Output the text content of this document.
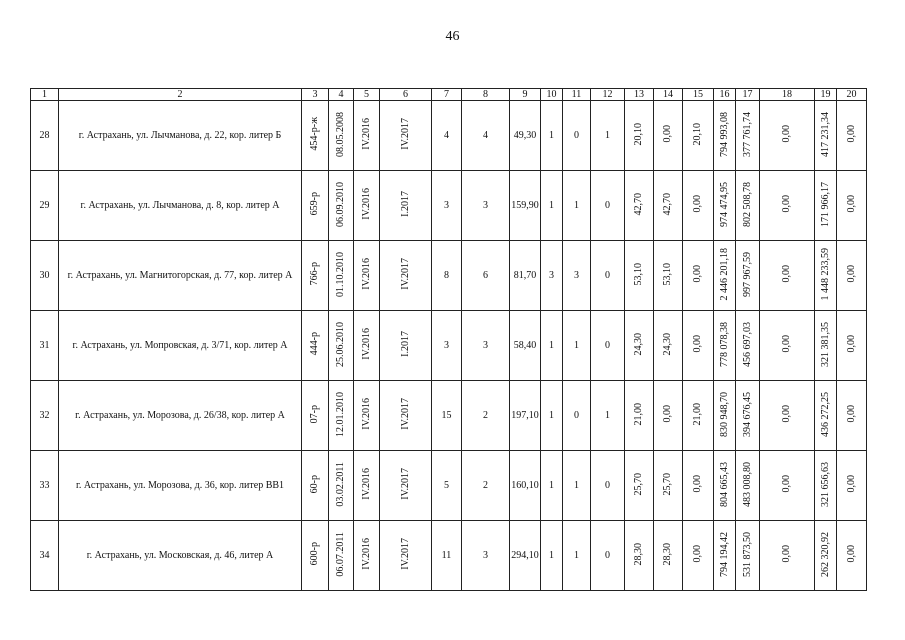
46
1	2	3	4	5	6	7	8	9	10	11	12	13	14	15	16	17	18	19	20
28	г. Астрахань, ул. Лычманова, д. 22, кор. литер Б	454-р-ж	08.05.2008	IV.2016	IV.2017	4	4	49,30	1	0	1	20,10	0,00	20,10	794 993,08	377 761,74	0,00	417 231,34	0,00
29	г. Астрахань, ул. Лычманова, д. 8, кор. литер А	659-р	06.09.2010	IV.2016	I.2017	3	3	159,90	1	1	0	42,70	42,70	0,00	974 474,95	802 508,78	0,00	171 966,17	0,00
30	г. Астрахань, ул. Магнитогорская, д. 77, кор. литер А	766-р	01.10.2010	IV.2016	IV.2017	8	6	81,70	3	3	0	53,10	53,10	0,00	2 446 201,18	997 967,59	0,00	1 448 233,59	0,00
31	г. Астрахань, ул. Мопровская, д. 3/71, кор. литер А	444-р	25.06.2010	IV.2016	I.2017	3	3	58,40	1	1	0	24,30	24,30	0,00	778 078,38	456 697,03	0,00	321 381,35	0,00
32	г. Астрахань, ул. Морозова, д. 26/38, кор. литер А	07-р	12.01.2010	IV.2016	IV.2017	15	2	197,10	1	0	1	21,00	0,00	21,00	830 948,70	394 676,45	0,00	436 272,25	0,00
33	г. Астрахань, ул. Морозова, д. 36, кор. литер ВВ1	60-р	03.02.2011	IV.2016	IV.2017	5	2	160,10	1	1	0	25,70	25,70	0,00	804 665,43	483 008,80	0,00	321 656,63	0,00
34	г. Астрахань, ул. Московская, д. 46, литер А	600-р	06.07.2011	IV.2016	IV.2017	11	3	294,10	1	1	0	28,30	28,30	0,00	794 194,42	531 873,50	0,00	262 320,92	0,00
